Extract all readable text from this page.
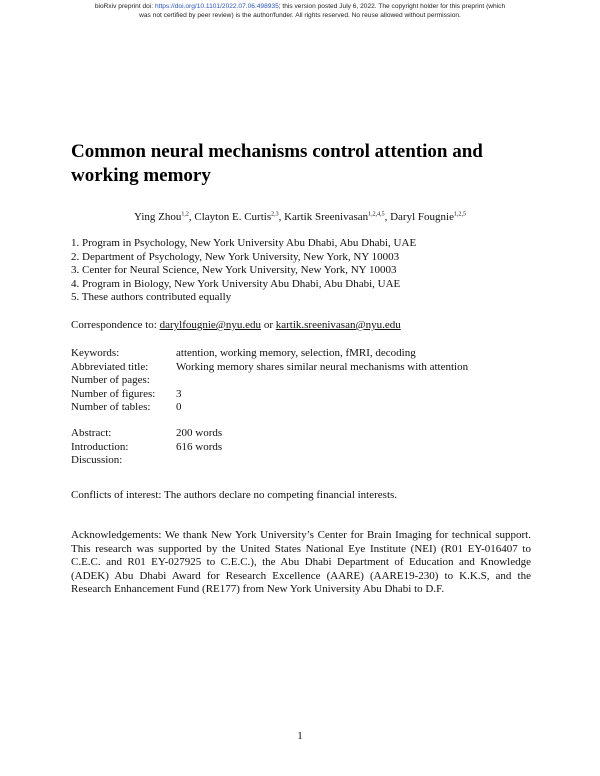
bioRxiv preprint doi: https://doi.org/10.1101/2022.07.06.498935; this version posted July 6, 2022. The copyright holder for this preprint (which
was not certified by peer review) is the author/funder. All rights reserved. No reuse allowed without permission.
Common neural mechanisms control attention and working memory
Ying Zhou$^{1,2}$, Clayton E. Curtis$^{2,3}$, Kartik Sreenivasan$^{1,2,4,5}$, Daryl Fougnie$^{1,2,5}$
1. Program in Psychology, New York University Abu Dhabi, Abu Dhabi, UAE
2. Department of Psychology, New York University, New York, NY 10003
3. Center for Neural Science, New York University, New York, NY 10003
4. Program in Biology, New York University Abu Dhabi, Abu Dhabi, UAE
5. These authors contributed equally
Correspondence to: darylfougnie@nyu.edu or kartik.sreenivasan@nyu.edu
Keywords:	attention, working memory, selection, fMRI, decoding
Abbreviated title:	Working memory shares similar neural mechanisms with attention
Number of pages:
Number of figures:	3
Number of tables:	0
Abstract:	200 words
Introduction:	616 words
Discussion:
Conflicts of interest: The authors declare no competing financial interests.
Acknowledgements: We thank New York University’s Center for Brain Imaging for technical support. This research was supported by the United States National Eye Institute (NEI) (R01 EY-016407 to C.E.C. and R01 EY-027925 to C.E.C.), the Abu Dhabi Department of Education and Knowledge (ADEK) Abu Dhabi Award for Research Excellence (AARE) (AARE19-230) to K.K.S, and the Research Enhancement Fund (RE177) from New York University Abu Dhabi to D.F.
1
